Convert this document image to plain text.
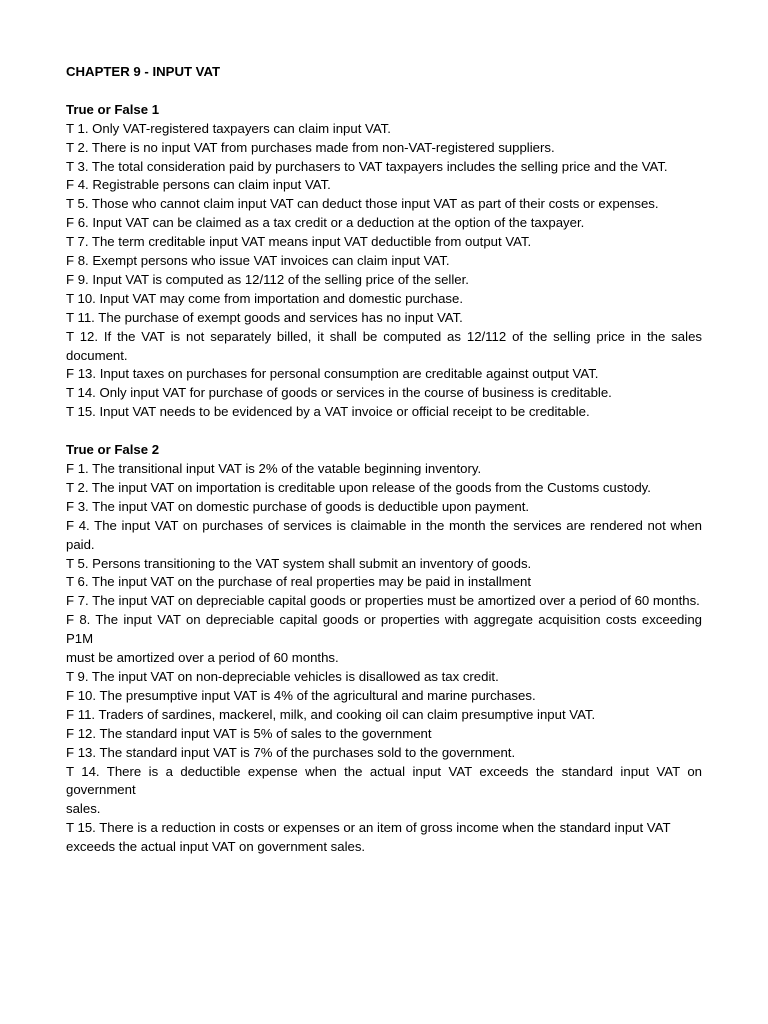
CHAPTER 9 - INPUT VAT

True or False 1

T 1. Only VAT-registered taxpayers can claim input VAT.

T 2. There is no input VAT from purchases made from non-VAT-registered suppliers.

T 3. The total consideration paid by purchasers to VAT taxpayers includes the selling price and the VAT.

F 4. Registrable persons can claim input VAT.

T 5. Those who cannot claim input VAT can deduct those input VAT as part of their costs or expenses.

F 6. Input VAT can be claimed as a tax credit or a deduction at the option of the taxpayer.

T 7. The term creditable input VAT means input VAT deductible from output VAT.

F 8. Exempt persons who issue VAT invoices can claim input VAT.

F 9. Input VAT is computed as 12/112 of the selling price of the seller.

T 10. Input VAT may come from importation and domestic purchase.

T 11. The purchase of exempt goods and services has no input VAT.

T 12. If the VAT is not separately billed, it shall be computed as 12/112 of the selling price in the sales document.

F 13. Input taxes on purchases for personal consumption are creditable against output VAT.

T 14. Only input VAT for purchase of goods or services in the course of business is creditable.

T 15. Input VAT needs to be evidenced by a VAT invoice or official receipt to be creditable.

True or False 2

F 1. The transitional input VAT is 2% of the vatable beginning inventory.

T 2. The input VAT on importation is creditable upon release of the goods from the Customs custody.

F 3. The input VAT on domestic purchase of goods is deductible upon payment.

F 4. The input VAT on purchases of services is claimable in the month the services are rendered not when paid.

T 5. Persons transitioning to the VAT system shall submit an inventory of goods.

T 6. The input VAT on the purchase of real properties may be paid in installment

F 7. The input VAT on depreciable capital goods or properties must be amortized over a period of 60 months.

F 8. The input VAT on depreciable capital goods or properties with aggregate acquisition costs exceeding P1M

must be amortized over a period of 60 months.

T 9. The input VAT on non-depreciable vehicles is disallowed as tax credit.

F 10. The presumptive input VAT is 4% of the agricultural and marine purchases.

F 11. Traders of sardines, mackerel, milk, and cooking oil can claim presumptive input VAT.

F 12. The standard input VAT is 5% of sales to the government

F 13. The standard input VAT is 7% of the purchases sold to the government.

T 14. There is a deductible expense when the actual input VAT exceeds the standard input VAT on government

sales.

T 15. There is a reduction in costs or expenses or an item of gross income when the standard input VAT

exceeds the actual input VAT on government sales.
